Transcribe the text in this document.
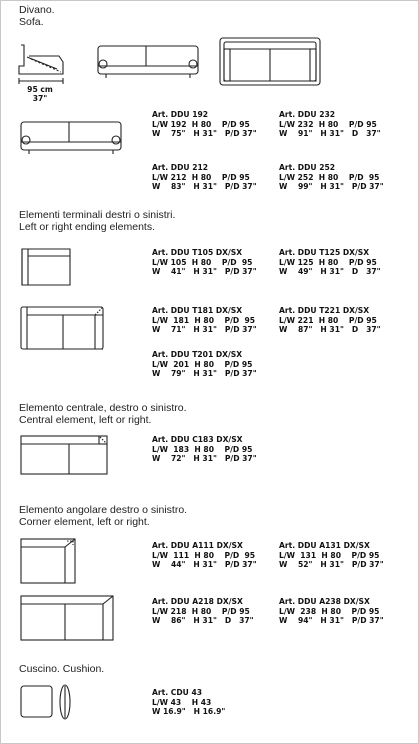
Divano.
Sofa.
95 cm
37"
Art. DDU 192
L/W 192  H 80    P/D 95
W    75"   H 31"   P/D 37"
Art. DDU 232
L/W 232  H 80    P/D 95
W    91"   H 31"   D   37"
Art. DDU 212
L/W 212  H 80    P/D 95
W    83"   H 31"   P/D 37"
Art. DDU 252
L/W 252  H 80    P/D  95
W    99"   H 31"   P/D 37"
Elementi terminali destri o sinistri.
Left or right ending elements.
Art. DDU T105 DX/SX
L/W 105  H 80    P/D  95
W    41"   H 31"   P/D 37"
Art. DDU T125 DX/SX
L/W 125  H 80    P/D 95
W    49"   H 31"   D   37"
Art. DDU T181 DX/SX
L/W  181  H 80    P/D  95
W    71"   H 31"   P/D 37"
Art. DDU T221 DX/SX
L/W 221  H 80    P/D 95
W    87"   H 31"   D   37"
Art. DDU T201 DX/SX
L/W  201  H 80    P/D 95
W    79"   H 31"   P/D 37"
Elemento centrale, destro o sinistro.
Central element, left or right.
Art. DDU C183 DX/SX
L/W  183  H 80    P/D 95
W    72"   H 31"   P/D 37"
Elemento angolare destro o sinistro.
Corner element, left or right.
Art. DDU A111 DX/SX
L/W  111  H 80    P/D  95
W    44"   H 31"   P/D 37"
Art. DDU A131 DX/SX
L/W  131  H 80    P/D 95
W    52"   H 31"   P/D 37"
Art. DDU A218 DX/SX
L/W 218  H 80    P/D 95
W    86"   H 31"   D   37"
Art. DDU A238 DX/SX
L/W  238  H 80    P/D 95
W    94"   H 31"   P/D 37"
Cuscino. Cushion.
Art. CDU 43
L/W 43    H 43
W 16.9"   H 16.9"
